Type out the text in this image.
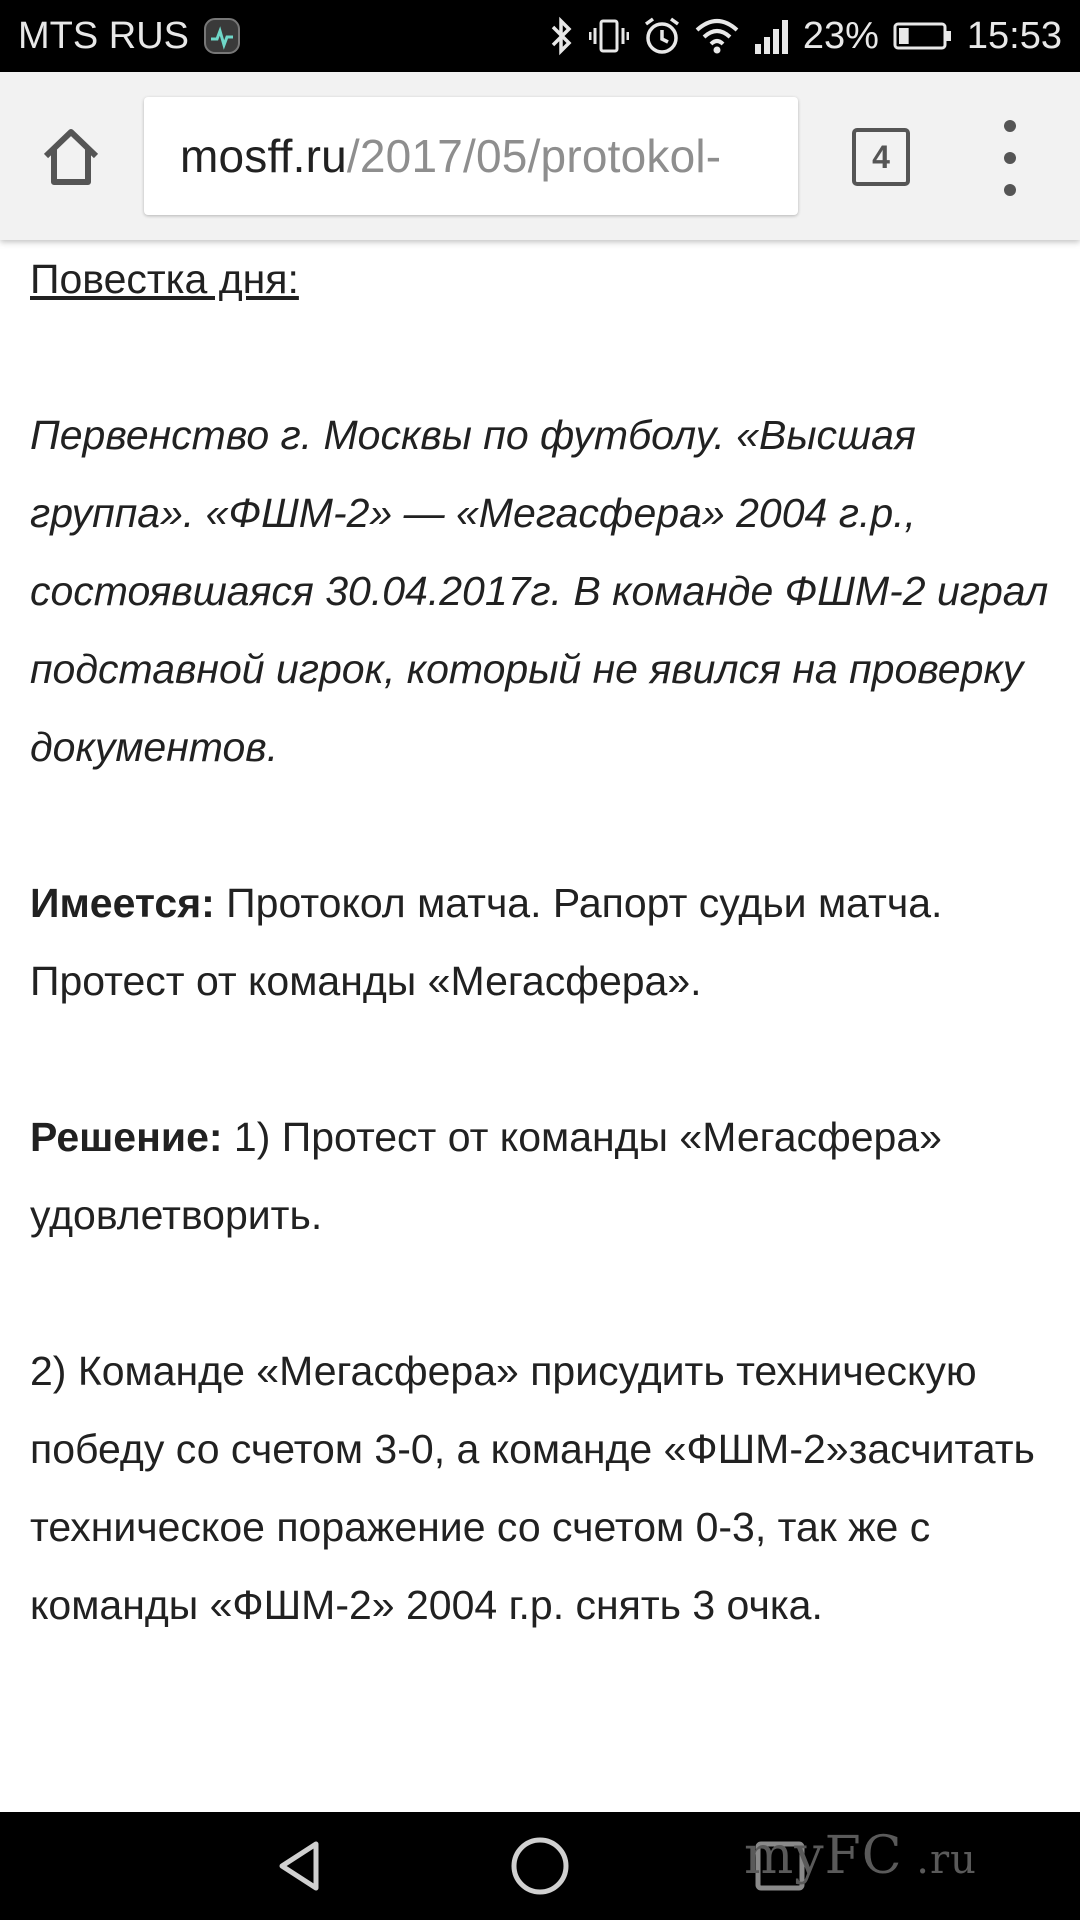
MTS RUS	23% 15:53
mosff.ru/2017/05/protokol-	4

Повестка дня:

Первенство г. Москвы по футболу. «Высшая группа». «ФШМ-2» — «Мегасфера» 2004 г.р., состоявшаяся 30.04.2017г. В команде ФШМ-2 играл подставной игрок, который не явился на проверку документов.

Имеется: Протокол матча. Рапорт судьи матча. Протест от команды «Мегасфера».

Решение: 1) Протест от команды «Мегасфера» удовлетворить.

2) Команде «Мегасфера» присудить техническую победу со счетом 3-0, а команде «ФШМ-2»засчитать техническое поражение со счетом 0-3, так же с команды «ФШМ-2» 2004 г.р. снять 3 очка.

myFC .ru
